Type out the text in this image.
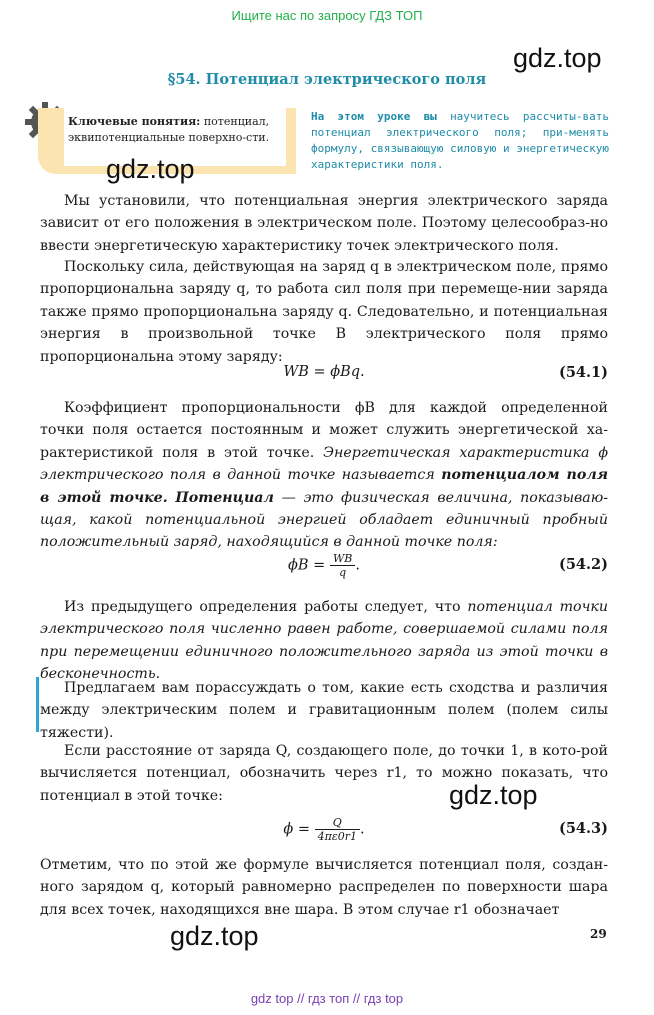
Ищите нас по запросу ГДЗ ТОП
gdz.top
§54. Потенциал электрического поля
Ключевые понятия: потенциал, эквипотенциальные поверхно-сти.
gdz.top
На этом уроке вы научитесь рассчиты-вать потенциал электрического поля; при-менять формулу, связывающую силовую и энергетическую характеристики поля.

Мы установили, что потенциальная энергия электрического заряда зависит от его положения в электрическом поле. Поэтому целесообраз-но ввести энергетическую характеристику точек электрического поля.

Поскольку сила, действующая на заряд q в электрическом поле, прямо пропорциональна заряду q, то работа сил поля при перемеще-нии заряда также прямо пропорциональна заряду q. Следовательно, и потенциальная энергия в произвольной точке B электрического поля прямо пропорциональна этому заряду:

WB = ϕBq.	(54.1)

Коэффициент пропорциональности ϕB для каждой определенной точки поля остается постоянным и может служить энергетической ха-рактеристикой поля в этой точке. Энергетическая характеристика ϕ электрического поля в данной точке называется потенциалом поля в этой точке. Потенциал — это физическая величина, показываю-щая, какой потенциальной энергией обладает единичный пробный положительный заряд, находящийся в данной точке поля:

$\phi B = \frac{WB}{q}$ .	(54.2)

Из предыдущего определения работы следует, что потенциал точки электрического поля численно равен работе, совершаемой силами поля при перемещении единичного положительного заряда из этой точки в бесконечность.

Предлагаем вам порассуждать о том, какие есть сходства и различия между электрическим полем и гравитационным полем (полем силы тяжести).

Если расстояние от заряда Q, создающего поле, до точки 1, в кото-рой вычисляется потенциал, обозначить через r1, то можно показать, что потенциал в этой точке:	gdz.top
$\phi = \frac{Q}{4\pi\varepsilon 0r1}$ .	(54.3)

Отметим, что по этой же формуле вычисляется потенциал поля, создан-ного зарядом q, который равномерно распределен по поверхности шара для всех точек, находящихся вне шара. В этом случае r1 обозначает

gdz.top	29
gdz top // гдз топ // гдз top
